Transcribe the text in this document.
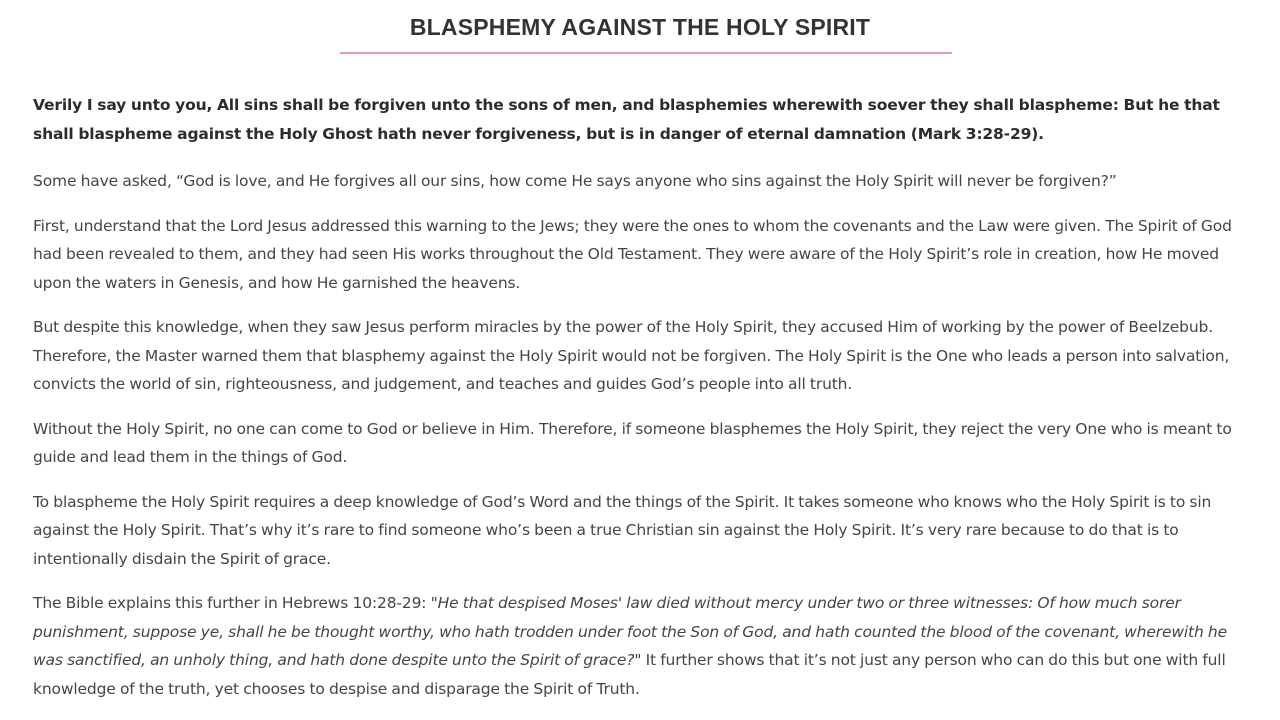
BLASPHEMY AGAINST THE HOLY SPIRIT

Verily I say unto you, All sins shall be forgiven unto the sons of men, and blasphemies wherewith soever they shall blaspheme: But he that shall blaspheme against the Holy Ghost hath never forgiveness, but is in danger of eternal damnation (Mark 3:28-29).

Some have asked, “God is love, and He forgives all our sins, how come He says anyone who sins against the Holy Spirit will never be forgiven?”

First, understand that the Lord Jesus addressed this warning to the Jews; they were the ones to whom the covenants and the Law were given. The Spirit of God had been revealed to them, and they had seen His works throughout the Old Testament. They were aware of the Holy Spirit’s role in creation, how He moved upon the waters in Genesis, and how He garnished the heavens.

But despite this knowledge, when they saw Jesus perform miracles by the power of the Holy Spirit, they accused Him of working by the power of Beelzebub. Therefore, the Master warned them that blasphemy against the Holy Spirit would not be forgiven. The Holy Spirit is the One who leads a person into salvation, convicts the world of sin, righteousness, and judgement, and teaches and guides God’s people into all truth.

Without the Holy Spirit, no one can come to God or believe in Him. Therefore, if someone blasphemes the Holy Spirit, they reject the very One who is meant to guide and lead them in the things of God.

To blaspheme the Holy Spirit requires a deep knowledge of God’s Word and the things of the Spirit. It takes someone who knows who the Holy Spirit is to sin against the Holy Spirit. That’s why it’s rare to find someone who’s been a true Christian sin against the Holy Spirit. It’s very rare because to do that is to intentionally disdain the Spirit of grace.

The Bible explains this further in Hebrews 10:28-29: "He that despised Moses' law died without mercy under two or three witnesses: Of how much sorer punishment, suppose ye, shall he be thought worthy, who hath trodden under foot the Son of God, and hath counted the blood of the covenant, wherewith he was sanctified, an unholy thing, and hath done despite unto the Spirit of grace?" It further shows that it’s not just any person who can do this but one with full knowledge of the truth, yet chooses to despise and disparage the Spirit of Truth.
